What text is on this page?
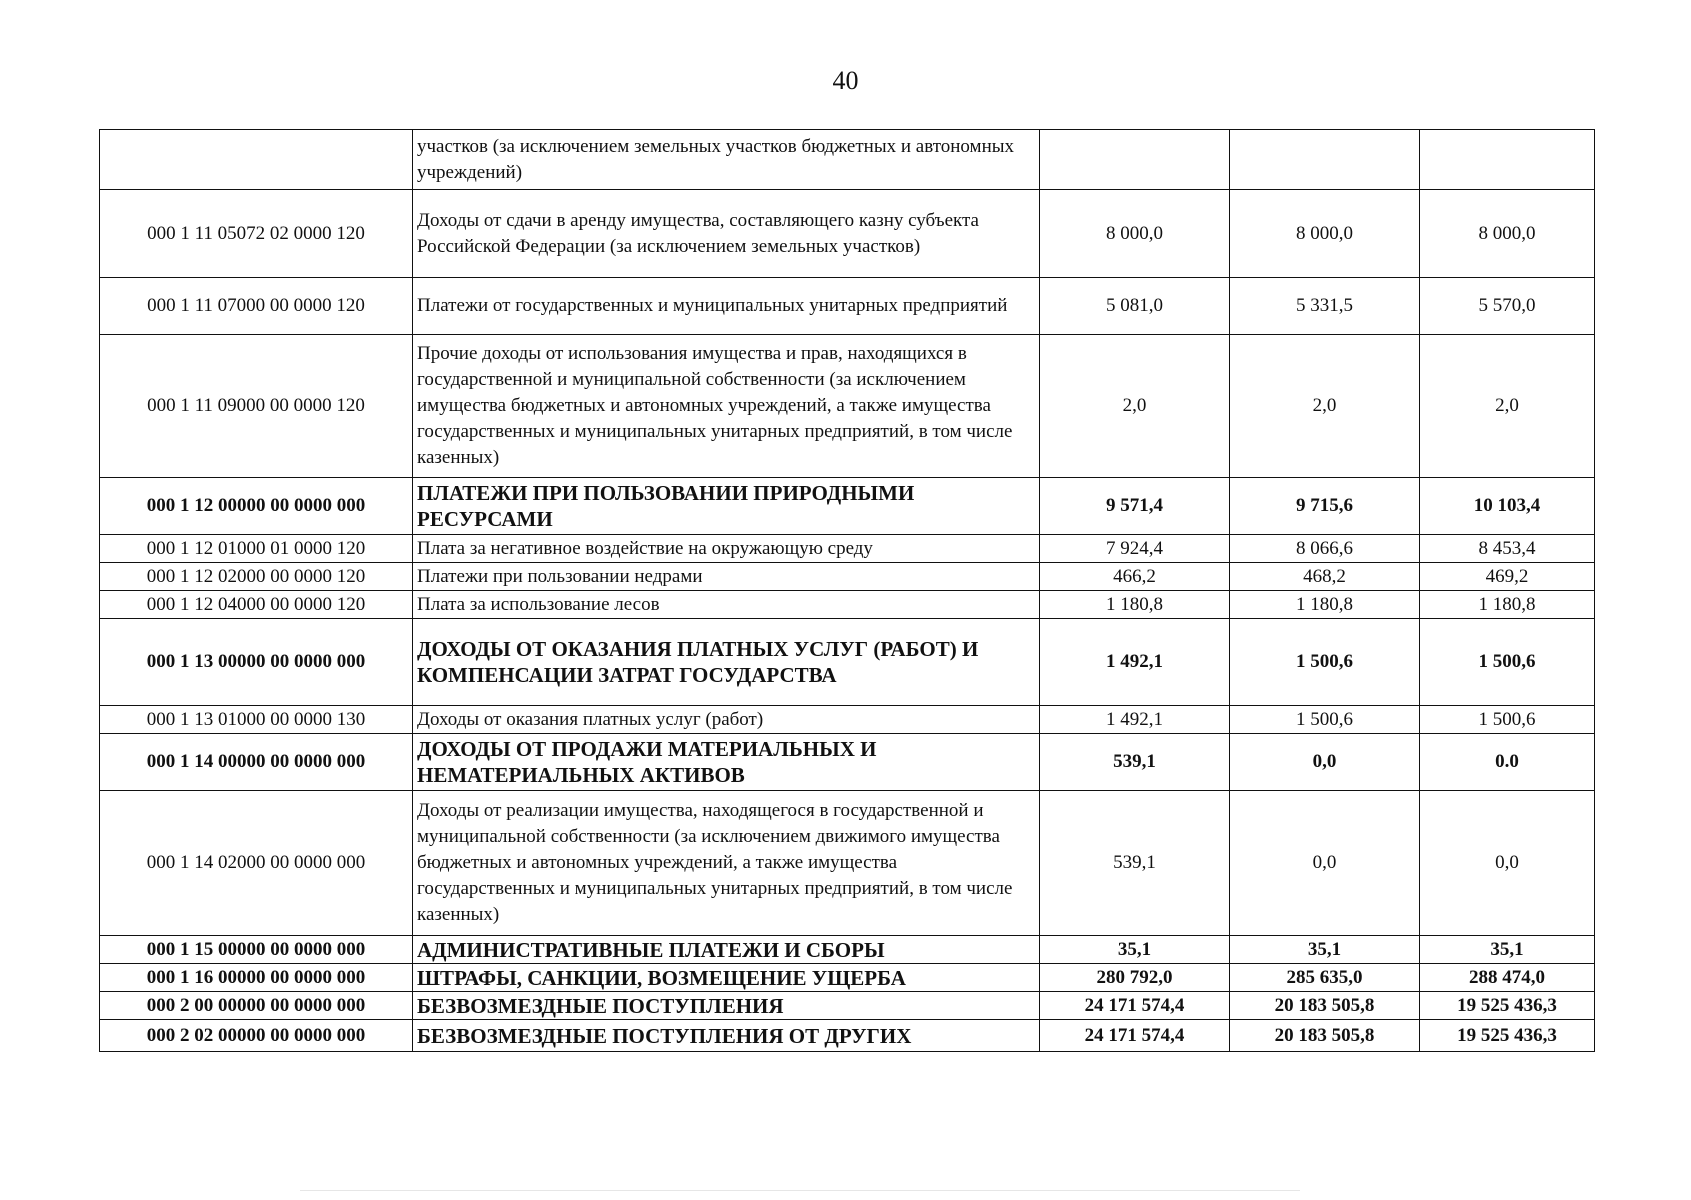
40
	участков (за исключением земельных участков бюджетных и автономных учреждений)			
000 1 11 05072 02 0000 120	Доходы от сдачи в аренду имущества, составляющего казну субъекта Российской Федерации (за исключением земельных участков)	8 000,0	8 000,0	8 000,0
000 1 11 07000 00 0000 120	Платежи от государственных и муниципальных унитарных предприятий	5 081,0	5 331,5	5 570,0
000 1 11 09000 00 0000 120	Прочие доходы от использования имущества и прав, находящихся в государственной и муниципальной собственности (за исключением имущества бюджетных и автономных учреждений, а также имущества государственных и муниципальных унитарных предприятий, в том числе казенных)	2,0	2,0	2,0
000 1 12 00000 00 0000 000	ПЛАТЕЖИ ПРИ ПОЛЬЗОВАНИИ ПРИРОДНЫМИ РЕСУРСАМИ	9 571,4	9 715,6	10 103,4
000 1 12 01000 01 0000 120	Плата за негативное воздействие на окружающую среду	7 924,4	8 066,6	8 453,4
000 1 12 02000 00 0000 120	Платежи при пользовании недрами	466,2	468,2	469,2
000 1 12 04000 00 0000 120	Плата за использование лесов	1 180,8	1 180,8	1 180,8
000 1 13 00000 00 0000 000	ДОХОДЫ ОТ ОКАЗАНИЯ ПЛАТНЫХ УСЛУГ (РАБОТ) И КОМПЕНСАЦИИ ЗАТРАТ ГОСУДАРСТВА	1 492,1	1 500,6	1 500,6
000 1 13 01000 00 0000 130	Доходы от оказания платных услуг (работ)	1 492,1	1 500,6	1 500,6
000 1 14 00000 00 0000 000	ДОХОДЫ ОТ ПРОДАЖИ МАТЕРИАЛЬНЫХ И НЕМАТЕРИАЛЬНЫХ АКТИВОВ	539,1	0,0	0.0
000 1 14 02000 00 0000 000	Доходы от реализации имущества, находящегося в государственной и муниципальной собственности (за исключением движимого имущества бюджетных и автономных учреждений, а также имущества государственных и муниципальных унитарных предприятий, в том числе казенных)	539,1	0,0	0,0
000 1 15 00000 00 0000 000	АДМИНИСТРАТИВНЫЕ ПЛАТЕЖИ И СБОРЫ	35,1	35,1	35,1
000 1 16 00000 00 0000 000	ШТРАФЫ, САНКЦИИ, ВОЗМЕЩЕНИЕ УЩЕРБА	280 792,0	285 635,0	288 474,0
000 2 00 00000 00 0000 000	БЕЗВОЗМЕЗДНЫЕ ПОСТУПЛЕНИЯ	24 171 574,4	20 183 505,8	19 525 436,3
000 2 02 00000 00 0000 000	БЕЗВОЗМЕЗДНЫЕ ПОСТУПЛЕНИЯ ОТ ДРУГИХ	24 171 574,4	20 183 505,8	19 525 436,3
